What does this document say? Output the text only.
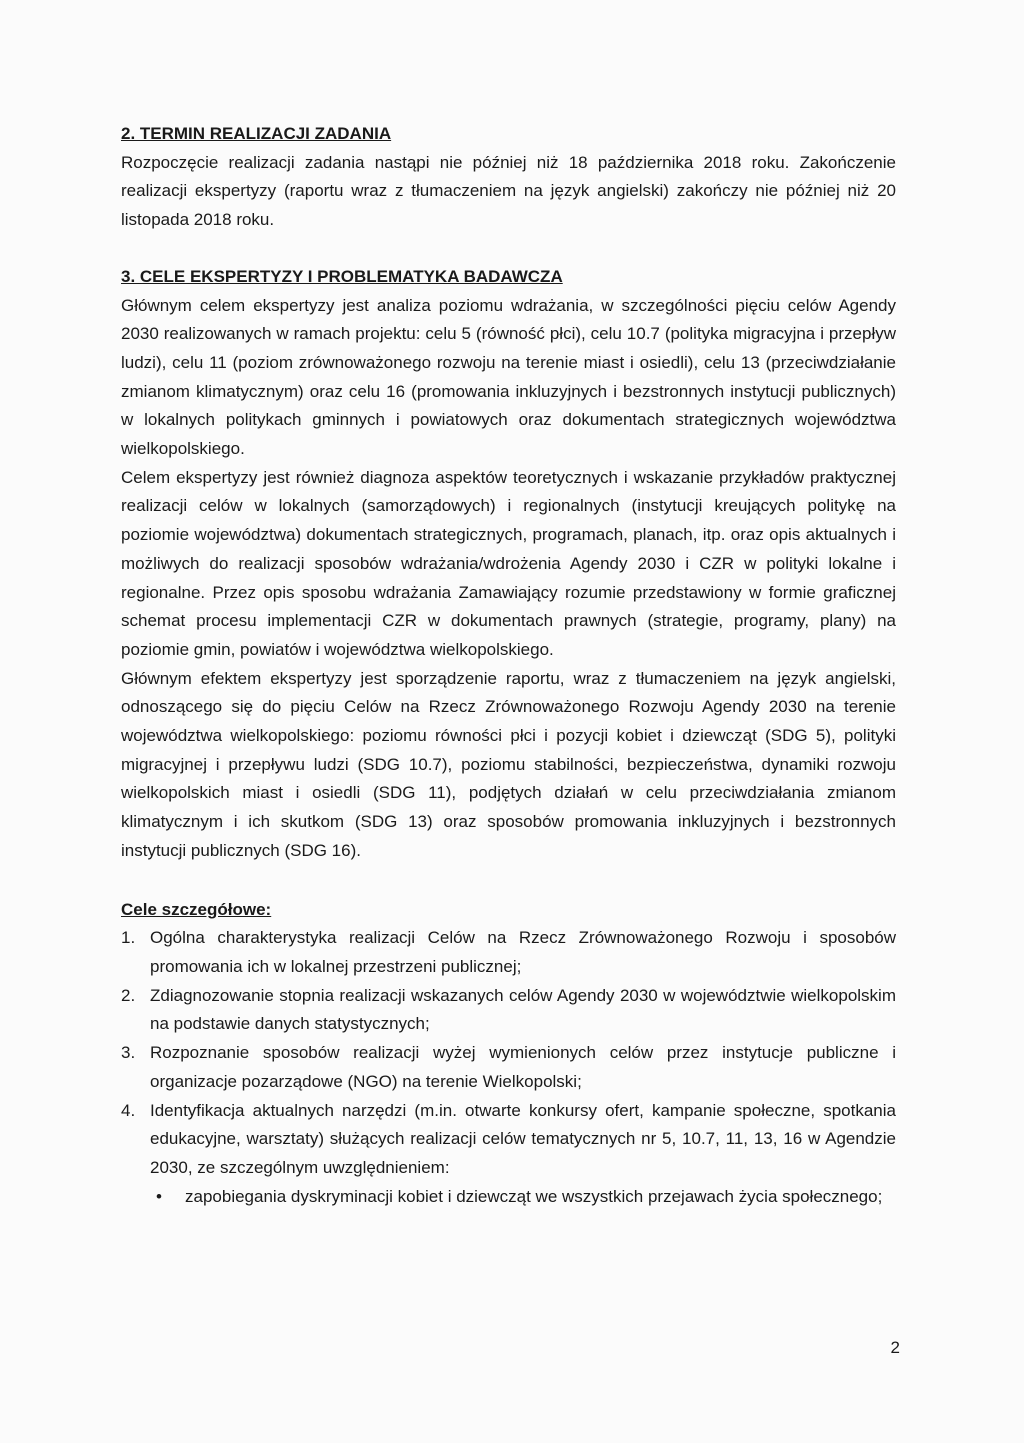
2. TERMIN REALIZACJI ZADANIA

Rozpoczęcie realizacji zadania nastąpi nie później niż 18 października 2018 roku. Zakończenie realizacji ekspertyzy (raportu wraz z tłumaczeniem na język angielski) zakończy nie później niż 20 listopada 2018 roku.

3. CELE EKSPERTYZY I PROBLEMATYKA BADAWCZA

Głównym celem ekspertyzy jest analiza poziomu wdrażania, w szczególności pięciu celów Agendy 2030 realizowanych w ramach projektu: celu 5 (równość płci), celu 10.7 (polityka migracyjna i przepływ ludzi), celu 11 (poziom zrównoważonego rozwoju na terenie miast i osiedli), celu 13 (przeciwdziałanie zmianom klimatycznym) oraz celu 16 (promowania inkluzyjnych i bezstronnych instytucji publicznych) w lokalnych politykach gminnych i powiatowych oraz dokumentach strategicznych województwa wielkopolskiego.

Celem ekspertyzy jest również diagnoza aspektów teoretycznych i wskazanie przykładów praktycznej realizacji celów w lokalnych (samorządowych) i regionalnych (instytucji kreujących politykę na poziomie województwa) dokumentach strategicznych, programach, planach, itp. oraz opis aktualnych i możliwych do realizacji sposobów wdrażania/wdrożenia Agendy 2030 i CZR w polityki lokalne i regionalne. Przez opis sposobu wdrażania Zamawiający rozumie przedstawiony w formie graficznej schemat procesu implementacji CZR w dokumentach prawnych (strategie, programy, plany) na poziomie gmin, powiatów i województwa wielkopolskiego.

Głównym efektem ekspertyzy jest sporządzenie raportu, wraz z tłumaczeniem na język angielski, odnoszącego się do pięciu Celów na Rzecz Zrównoważonego Rozwoju Agendy 2030 na terenie województwa wielkopolskiego: poziomu równości płci i pozycji kobiet i dziewcząt (SDG 5), polityki migracyjnej i przepływu ludzi (SDG 10.7), poziomu stabilności, bezpieczeństwa, dynamiki rozwoju wielkopolskich miast i osiedli (SDG 11), podjętych działań w celu przeciwdziałania zmianom klimatycznym i ich skutkom (SDG 13) oraz sposobów promowania inkluzyjnych i bezstronnych instytucji publicznych (SDG 16).

Cele szczegółowe:

1. Ogólna charakterystyka realizacji Celów na Rzecz Zrównoważonego Rozwoju i sposobów promowania ich w lokalnej przestrzeni publicznej;
2. Zdiagnozowanie stopnia realizacji wskazanych celów Agendy 2030 w województwie wielkopolskim na podstawie danych statystycznych;
3. Rozpoznanie sposobów realizacji wyżej wymienionych celów przez instytucje publiczne i organizacje pozarządowe (NGO) na terenie Wielkopolski;
4. Identyfikacja aktualnych narzędzi (m.in. otwarte konkursy ofert, kampanie społeczne, spotkania edukacyjne, warsztaty) służących realizacji celów tematycznych nr 5, 10.7, 11, 13, 16 w Agendzie 2030, ze szczególnym uwzględnieniem:
• zapobiegania dyskryminacji kobiet i dziewcząt we wszystkich przejawach życia społecznego;
2
